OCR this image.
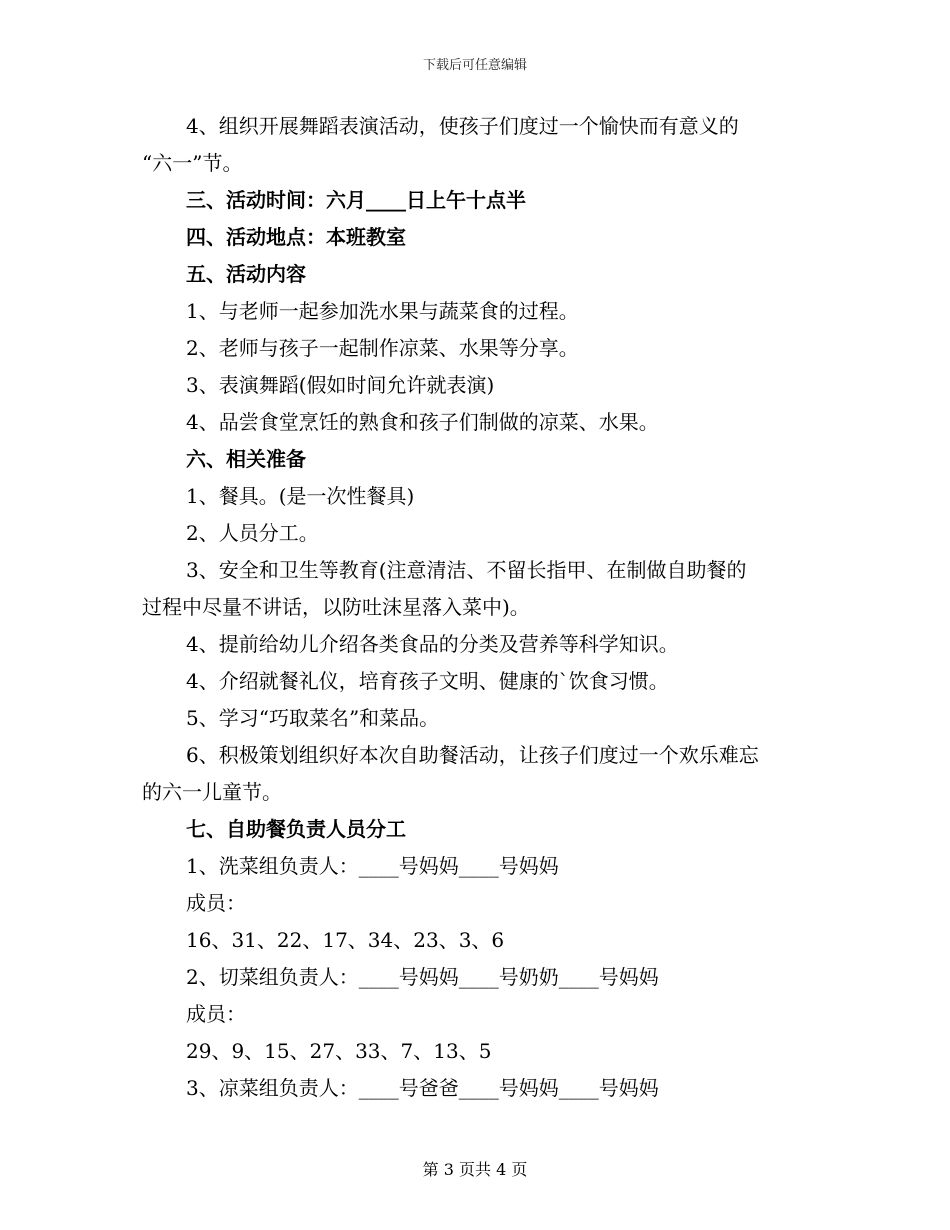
下载后可任意编辑

4、组织开展舞蹈表演活动，使孩子们度过一个愉快而有意义的

“六一”节。

三、活动时间：六月____日上午十点半

四、活动地点：本班教室

五、活动内容

1、与老师一起参加洗水果与蔬菜食的过程。

2、老师与孩子一起制作凉菜、水果等分享。

3、表演舞蹈(假如时间允许就表演)

4、品尝食堂烹饪的熟食和孩子们制做的凉菜、水果。

六、相关准备

1、餐具。(是一次性餐具)

2、人员分工。

3、安全和卫生等教育(注意清洁、不留长指甲、在制做自助餐的

过程中尽量不讲话，以防吐沫星落入菜中)。

4、提前给幼儿介绍各类食品的分类及营养等科学知识。

4、介绍就餐礼仪，培育孩子文明、健康的`饮食习惯。

5、学习“巧取菜名”和菜品。

6、积极策划组织好本次自助餐活动，让孩子们度过一个欢乐难忘

的六一儿童节。

七、自助餐负责人员分工

1、洗菜组负责人：____号妈妈____号妈妈

成员：

16、31、22、17、34、23、3、6

2、切菜组负责人：____号妈妈____号奶奶____号妈妈

成员：

29、9、15、27、33、7、13、5

3、凉菜组负责人：____号爸爸____号妈妈____号妈妈

第 3 页共 4 页
